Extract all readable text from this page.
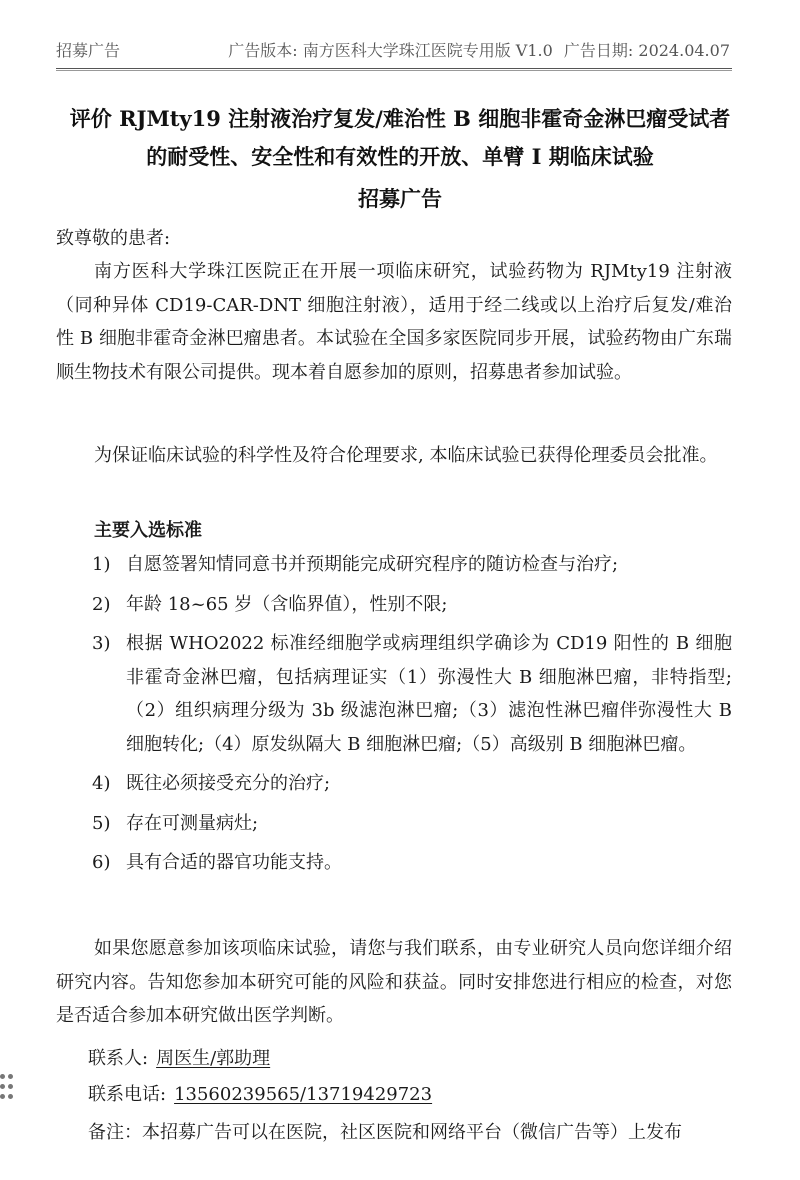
招募广告	广告版本: 南方医科大学珠江医院专用版 V1.0 广告日期: 2024.04.07
评价 RJMty19 注射液治疗复发/难治性 B 细胞非霍奇金淋巴瘤受试者
的耐受性、安全性和有效性的开放、单臂 I 期临床试验
招募广告
致尊敬的患者:

南方医科大学珠江医院正在开展一项临床研究，试验药物为 RJMty19 注射液（同种异体 CD19-CAR-DNT 细胞注射液），适用于经二线或以上治疗后复发/难治性 B 细胞非霍奇金淋巴瘤患者。本试验在全国多家医院同步开展，试验药物由广东瑞顺生物技术有限公司提供。现本着自愿参加的原则，招募患者参加试验。

为保证临床试验的科学性及符合伦理要求, 本临床试验已获得伦理委员会批准。

主要入选标准
1) 自愿签署知情同意书并预期能完成研究程序的随访检查与治疗;
2) 年龄 18~65 岁（含临界值），性别不限;
3) 根据 WHO2022 标准经细胞学或病理组织学确诊为 CD19 阳性的 B 细胞非霍奇金淋巴瘤，包括病理证实（1）弥漫性大 B 细胞淋巴瘤，非特指型;（2）组织病理分级为 3b 级滤泡淋巴瘤;（3）滤泡性淋巴瘤伴弥漫性大 B 细胞转化;（4）原发纵隔大 B 细胞淋巴瘤;（5）高级别 B 细胞淋巴瘤。
4) 既往必须接受充分的治疗;
5) 存在可测量病灶;
6) 具有合适的器官功能支持。

如果您愿意参加该项临床试验，请您与我们联系，由专业研究人员向您详细介绍研究内容。告知您参加本研究可能的风险和获益。同时安排您进行相应的检查，对您是否适合参加本研究做出医学判断。

联系人: 周医生/郭助理
联系电话: 13560239565/13719429723
备注：本招募广告可以在医院，社区医院和网络平台（微信广告等）上发布
